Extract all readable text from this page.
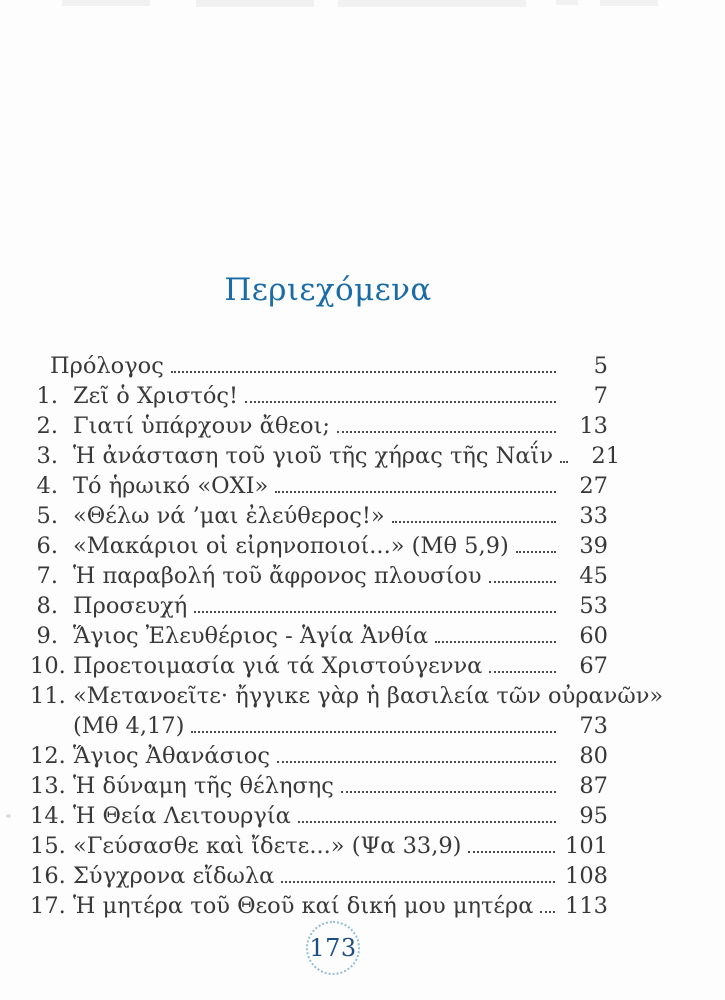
Περιεχόμενα
Πρόλογος	5
1. Ζεῖ ὁ Χριστός!	7
2. Γιατί ὑπάρχουν ἄθεοι;	13
3. Ἡ ἀνάσταση τοῦ γιοῦ τῆς χήρας τῆς Ναΐν	21
4. Τό ἡρωικό «ΟΧΙ»	27
5. «Θέλω νά ’μαι ἐλεύθερος!»	33
6. «Μακάριοι οἱ εἰρηνοποιοί...» (Μθ 5,9)	39
7. Ἡ παραβολή τοῦ ἄφρονος πλουσίου	45
8. Προσευχή	53
9. Ἅγιος Ἐλευθέριος - Ἁγία Ἀνθία	60
10. Προετοιμασία γιά τά Χριστούγεννα	67
11. «Μετανοεῖτε· ἤγγικε γὰρ ἡ βασιλεία τῶν οὐρανῶν»
(Μθ 4,17)	73
12. Ἅγιος Ἀθανάσιος	80
13. Ἡ δύναμη τῆς θέλησης	87
14. Ἡ Θεία Λειτουργία	95
15. «Γεύσασθε καὶ ἴδετε...» (Ψα 33,9)	101
16. Σύγχρονα εἴδωλα	108
17. Ἡ μητέρα τοῦ Θεοῦ καί δική μου μητέρα 113
173
